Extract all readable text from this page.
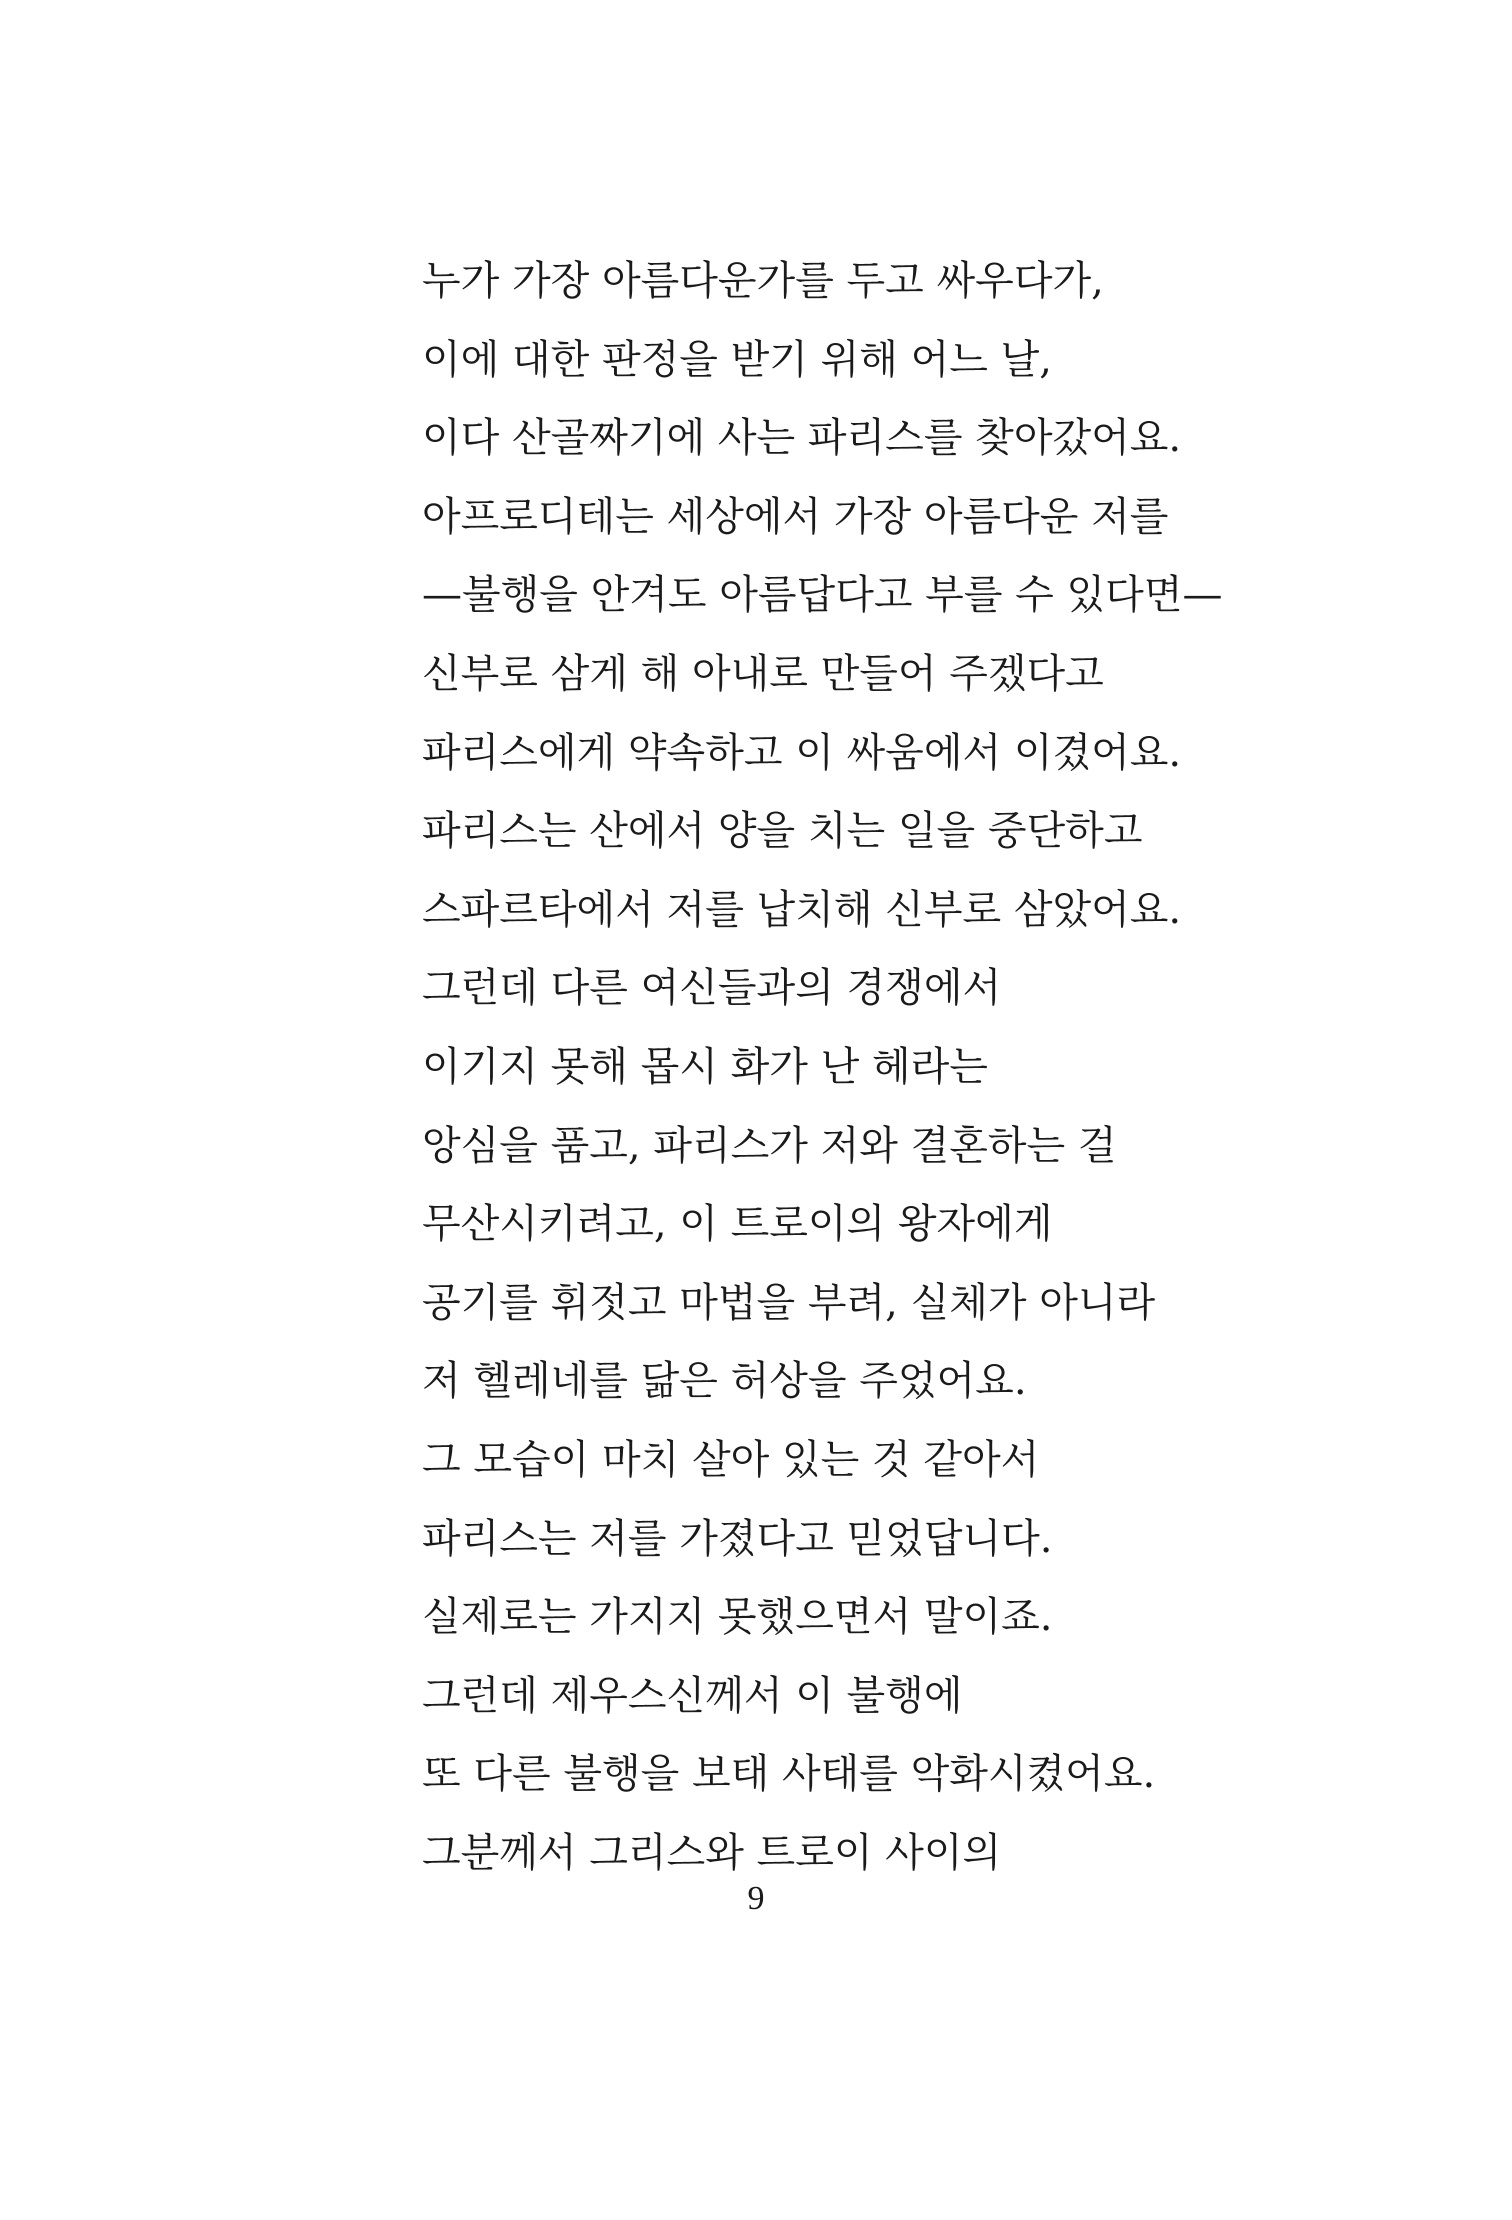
누가 가장 아름다운가를 두고 싸우다가,
이에 대한 판정을 받기 위해 어느 날,
이다 산골짜기에 사는 파리스를 찾아갔어요.
아프로디테는 세상에서 가장 아름다운 저를
—불행을 안겨도 아름답다고 부를 수 있다면—
신부로 삼게 해 아내로 만들어 주겠다고
파리스에게 약속하고 이 싸움에서 이겼어요.
파리스는 산에서 양을 치는 일을 중단하고
스파르타에서 저를 납치해 신부로 삼았어요.
그런데 다른 여신들과의 경쟁에서
이기지 못해 몹시 화가 난 헤라는
앙심을 품고, 파리스가 저와 결혼하는 걸
무산시키려고, 이 트로이의 왕자에게
공기를 휘젓고 마법을 부려, 실체가 아니라
저 헬레네를 닮은 허상을 주었어요.
그 모습이 마치 살아 있는 것 같아서
파리스는 저를 가졌다고 믿었답니다.
실제로는 가지지 못했으면서 말이죠.
그런데 제우스신께서 이 불행에
또 다른 불행을 보태 사태를 악화시켰어요.
그분께서 그리스와 트로이 사이의
9
